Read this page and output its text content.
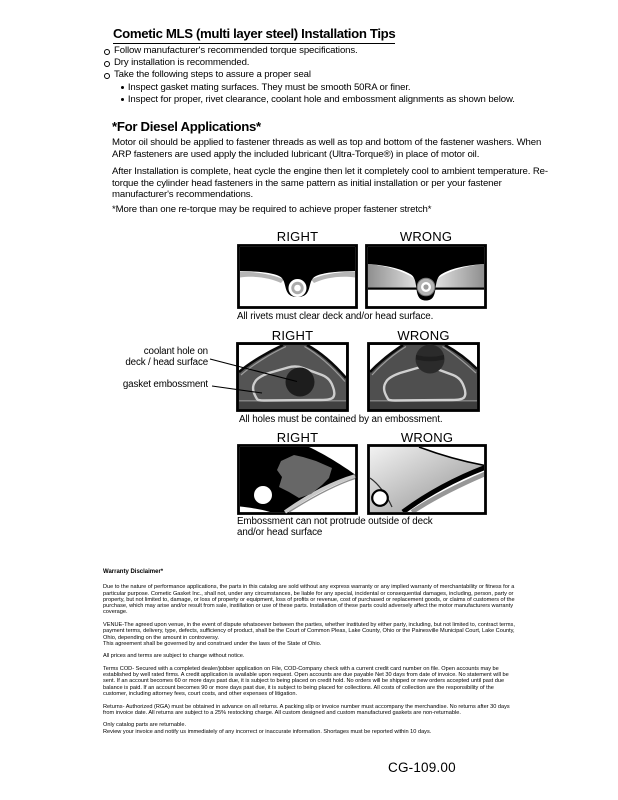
Cometic MLS (multi layer steel) Installation Tips
Follow manufacturer's recommended torque specifications.
Dry installation is recommended.
Take the following steps to assure a proper seal
Inspect gasket mating surfaces. They must be smooth 50RA or finer.
Inspect for proper, rivet clearance, coolant hole and embossment alignments as shown below.
*For Diesel Applications*
Motor oil should be applied to fastener threads as well as top and bottom of the fastener washers. When ARP fasteners are used apply the included lubricant (Ultra-Torque®) in place of motor oil.
After Installation is complete, heat cycle the engine then let it completely cool to ambient temperature. Re-torque the cylinder head fasteners in the same pattern as initial installation or per your fastener manufacturer's recommendations.
*More than one re-torque may be required to achieve proper fastener stretch*
RIGHT	WRONG
All rivets must clear deck and/or head surface.
RIGHT	WRONG
coolant hole on
deck / head surface
gasket embossment
All holes must be contained by an embossment.
RIGHT	WRONG
Embossment can not protrude outside of deck and/or head surface
Warranty Disclaimer*

Due to the nature of performance applications, the parts in this catalog are sold without any express warranty or any implied warranty of merchantability or fitness for a particular purpose. Cometic Gasket Inc., shall not, under any circumstances, be liable for any special, incidental or consequential damages, including, person, party or property, but not limited to, damage, or loss of property or equipment, loss of profits or revenue, cost of purchased or replacement goods, or claims of customers of the purchase, which may arise and/or result from sale, instillation or use of these parts. Installation of these parts could adversely affect the motor manufacturers warranty coverage.

VENUE-The agreed upon venue, in the event of dispute whatsoever between the parties, whether instituted by either party, including, but not limited to, contract terms, payment terms, delivery, type, defects, sufficiency of product, shall be the Court of Common Pleas, Lake County, Ohio or the Painesville Municipal Court, Lake County, Ohio, depending on the amount in controversy.

This agreement shall be governed by and construed under the laws of the State of Ohio.

All prices and terms are subject to change without notice.

Terms COD- Secured with a completed dealer/jobber application on File, COD-Company check with a current credit card number on file. Open accounts may be established by well rated firms. A credit application is available upon request. Open accounts are due payable Net 30 days from date of invoice. No statement will be sent. If an account becomes 60 or more days past due, it is subject to being placed on credit hold. No orders will be shipped or new orders accepted until past due balance is paid. If an account becomes 90 or more days past due, it is subject to being placed for collections. All costs of collection are the responsibility of the customer, including attorney fees, court costs, and other expenses of litigation.

Returns- Authorized (RGA) must be obtained in advance on all returns. A packing slip or invoice number must accompany the merchandise. No returns after 30 days from invoice date. All returns are subject to a 25% restocking charge. All custom designed and custom manufactured gaskets are non-returnable.

Only catalog parts are returnable.

Review your invoice and notify us immediately of any incorrect or inaccurate information. Shortages must be reported within 10 days.

CG-109.00
